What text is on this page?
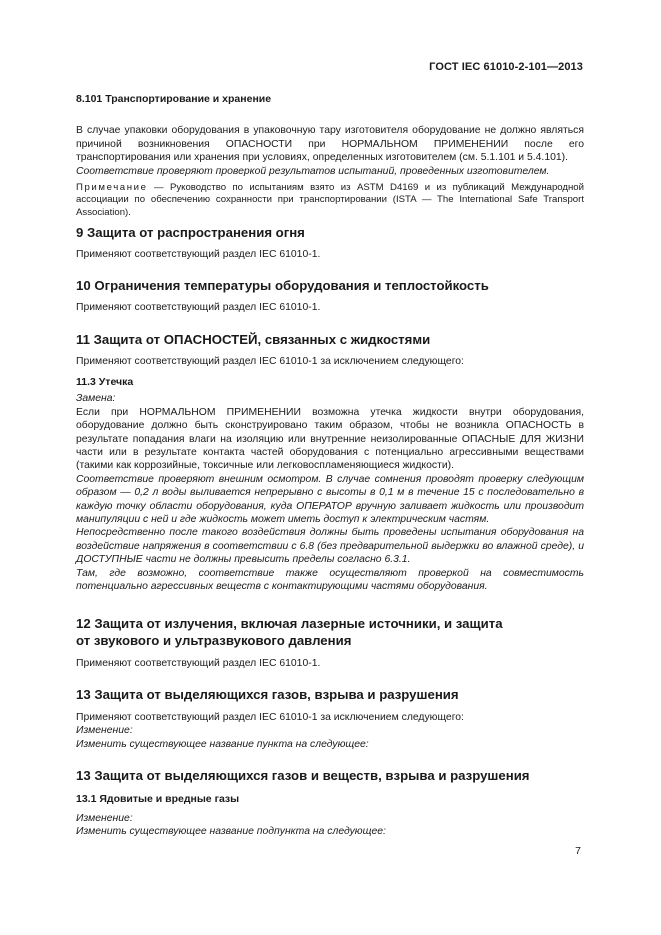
ГОСТ IEC 61010-2-101—2013

8.101 Транспортирование и хранение

В случае упаковки оборудования в упаковочную тару изготовителя оборудование не должно являться причиной возникновения ОПАСНОСТИ при НОРМАЛЬНОМ ПРИМЕНЕНИИ после его транспортирования или хранения при условиях, определенных изготовителем (см. 5.1.101 и 5.4.101).

Соответствие проверяют проверкой результатов испытаний, проведенных изготовителем.

Примечание — Руководство по испытаниям взято из ASTM D4169 и из публикаций Международной ассоциации по обеспечению сохранности при транспортировании (ISTA — The International Safe Transport Association).

9 Защита от распространения огня

Применяют соответствующий раздел IEC 61010-1.

10 Ограничения температуры оборудования и теплостойкость

Применяют соответствующий раздел IEC 61010-1.

11 Защита от ОПАСНОСТЕЙ, связанных с жидкостями

Применяют соответствующий раздел IEC 61010-1 за исключением следующего:

11.3 Утечка

Замена:

Если при НОРМАЛЬНОМ ПРИМЕНЕНИИ возможна утечка жидкости внутри оборудования, оборудование должно быть сконструировано таким образом, чтобы не возникла ОПАСНОСТЬ в результате попадания влаги на изоляцию или внутренние неизолированные ОПАСНЫЕ ДЛЯ ЖИЗНИ части или в результате контакта частей оборудования с потенциально агрессивными веществами (такими как коррозийные, токсичные или легковоспламеняющиеся жидкости).

Соответствие проверяют внешним осмотром. В случае сомнения проводят проверку следующим образом — 0,2 л воды выливается непрерывно с высоты в 0,1 м в течение 15 с последовательно в каждую точку области оборудования, куда ОПЕРАТОР вручную заливает жидкость или производит манипуляции с ней и где жидкость может иметь доступ к электрическим частям.

Непосредственно после такого воздействия должны быть проведены испытания оборудования на воздействие напряжения в соответствии с 6.8 (без предварительной выдержки во влажной среде), и ДОСТУПНЫЕ части не должны превысить пределы согласно 6.3.1.

Там, где возможно, соответствие также осуществляют проверкой на совместимость потенциально агрессивных веществ с контактирующими частями оборудования.

12 Защита от излучения, включая лазерные источники, и защита

от звукового и ультразвукового давления

Применяют соответствующий раздел IEC 61010-1.

13 Защита от выделяющихся газов, взрыва и разрушения

Применяют соответствующий раздел IEC 61010-1 за исключением следующего:

Изменение:

Изменить существующее название пункта на следующее:

13 Защита от выделяющихся газов и веществ, взрыва и разрушения

13.1 Ядовитые и вредные газы

Изменение:

Изменить существующее название подпункта на следующее:

7
